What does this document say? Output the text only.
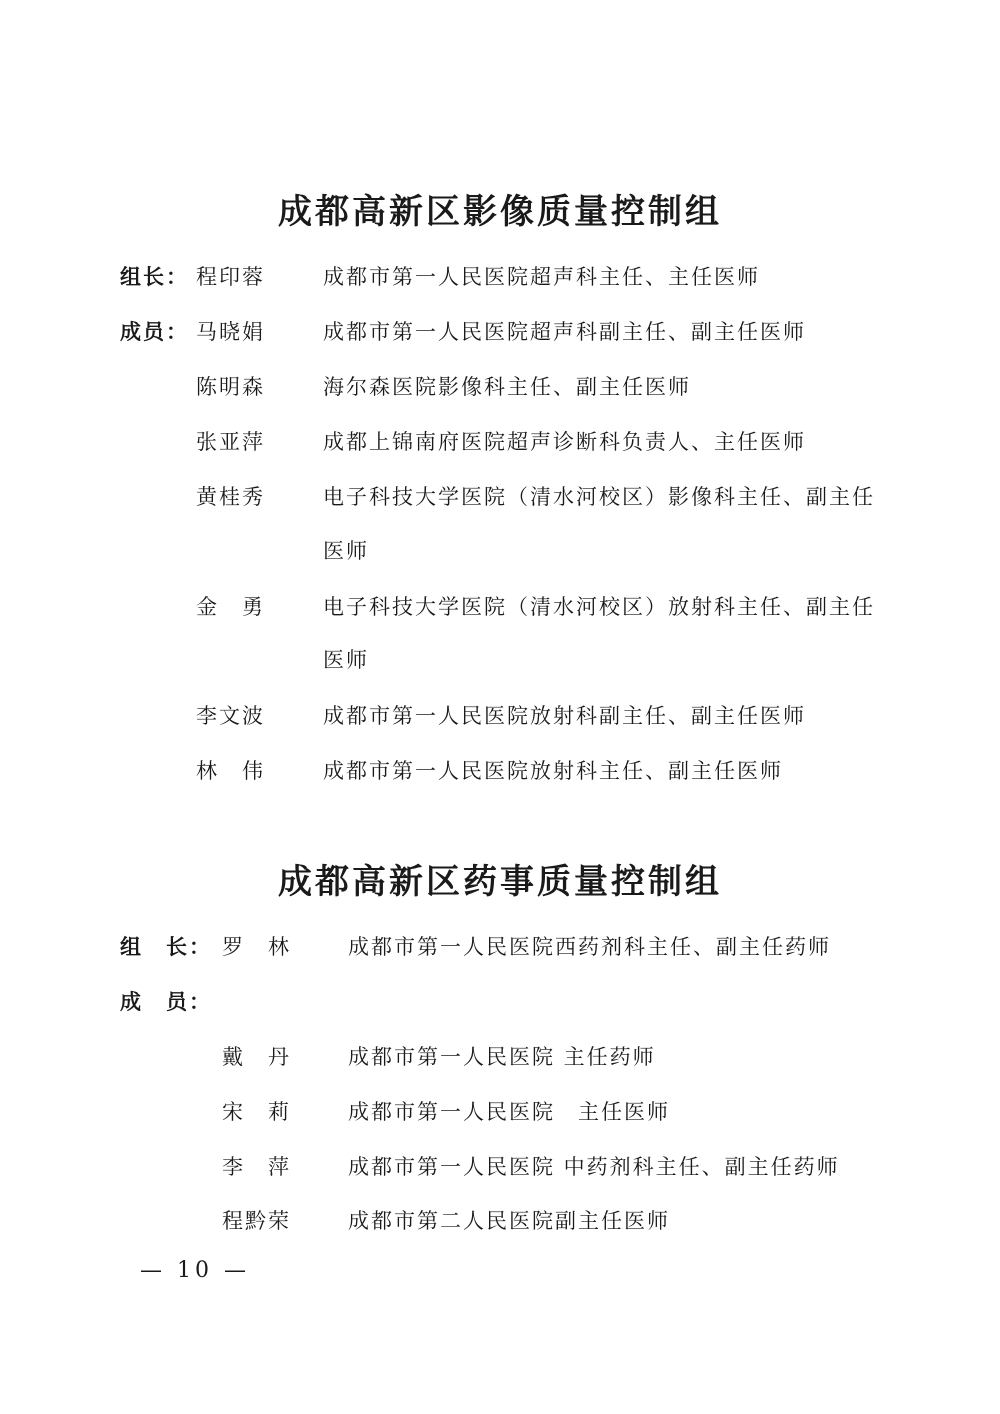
成都高新区影像质量控制组
组长： 程印蓉	成都市第一人民医院超声科主任、主任医师
成员： 马晓娟	成都市第一人民医院超声科副主任、副主任医师
陈明森	海尔森医院影像科主任、副主任医师
张亚萍	成都上锦南府医院超声诊断科负责人、主任医师
黄桂秀	电子科技大学医院（清水河校区）影像科主任、副主任
医师
金　勇	电子科技大学医院（清水河校区）放射科主任、副主任
医师
李文波	成都市第一人民医院放射科副主任、副主任医师
林　伟	成都市第一人民医院放射科主任、副主任医师
成都高新区药事质量控制组
组　长： 罗　林	成都市第一人民医院西药剂科主任、副主任药师
成　员：
戴　丹	成都市第一人民医院 主任药师
宋　莉	成都市第一人民医院　主任医师
李　萍	成都市第一人民医院 中药剂科主任、副主任药师
程黔荣	成都市第二人民医院副主任医师
— 10 —
